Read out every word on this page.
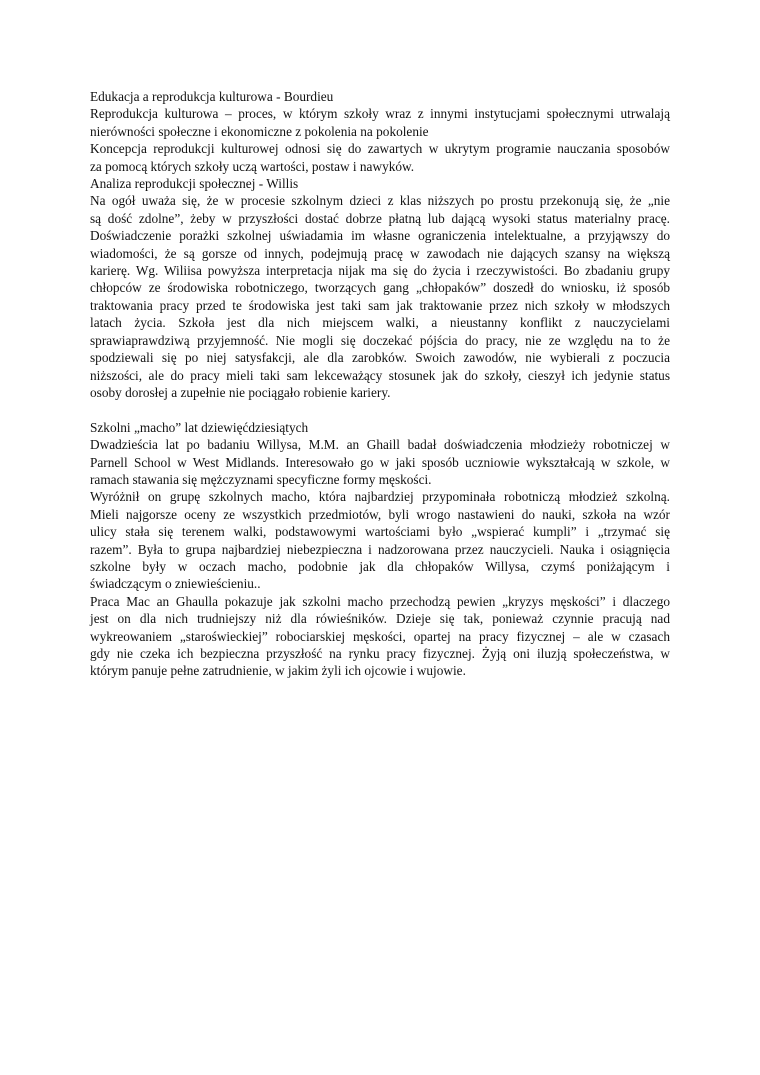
Edukacja a reprodukcja kulturowa - Bourdieu
Reprodukcja kulturowa – proces, w którym szkoły wraz z innymi instytucjami społecznymi utrwalają
nierówności społeczne i ekonomiczne z pokolenia na pokolenie
Koncepcja reprodukcji kulturowej odnosi się do zawartych w ukrytym programie nauczania sposobów
za pomocą których szkoły uczą wartości, postaw i nawyków.
Analiza reprodukcji społecznej - Willis
Na ogół uważa się, że w procesie szkolnym dzieci z klas niższych po prostu przekonują się, że „nie
są dość zdolne”, żeby w przyszłości dostać dobrze płatną lub dającą wysoki status materialny pracę.
Doświadczenie porażki szkolnej uświadamia im własne ograniczenia intelektualne, a przyjąwszy do
wiadomości, że są gorsze od innych, podejmują pracę w zawodach nie dających szansy na większą
karierę. Wg. Wiliisa powyższa interpretacja nijak ma się do życia i rzeczywistości. Bo zbadaniu grupy
chłopców ze środowiska robotniczego, tworzących gang „chłopaków” doszedł do wniosku, iż sposób
traktowania pracy przed te środowiska jest taki sam jak traktowanie przez nich szkoły w młodszych
latach życia. Szkoła jest dla nich miejscem walki, a nieustanny konflikt z nauczycielami
sprawiaprawdziwą przyjemność. Nie mogli się doczekać pójścia do pracy, nie ze względu na to że
spodziewali się po niej satysfakcji, ale dla zarobków. Swoich zawodów, nie wybierali z poczucia
niższości, ale do pracy mieli taki sam lekceważący stosunek jak do szkoły, cieszył ich jedynie status
osoby dorosłej a zupełnie nie pociągało robienie kariery.
Szkolni „macho” lat dziewięćdziesiątych
Dwadzieścia lat po badaniu Willysa, M.M. an Ghaill badał doświadczenia młodzieży robotniczej w
Parnell School w West Midlands. Interesowało go w jaki sposób uczniowie wykształcają w szkole, w
ramach stawania się mężczyznami specyficzne formy męskości.
Wyróżnił on grupę szkolnych macho, która najbardziej przypominała robotniczą młodzież szkolną.
Mieli najgorsze oceny ze wszystkich przedmiotów, byli wrogo nastawieni do nauki, szkoła na wzór
ulicy stała się terenem walki, podstawowymi wartościami było „wspierać kumpli” i „trzymać się
razem”. Była to grupa najbardziej niebezpieczna i nadzorowana przez nauczycieli. Nauka i osiągnięcia
szkolne były w oczach macho, podobnie jak dla chłopaków Willysa, czymś poniżającym i
świadczącym o zniewieścieniu..
Praca Mac an Ghaulla pokazuje jak szkolni macho przechodzą pewien „kryzys męskości” i dlaczego
jest on dla nich trudniejszy niż dla rówieśników. Dzieje się tak, ponieważ czynnie pracują nad
wykreowaniem „staroświeckiej” robociarskiej męskości, opartej na pracy fizycznej – ale w czasach
gdy nie czeka ich bezpieczna przyszłość na rynku pracy fizycznej. Żyją oni iluzją społeczeństwa, w
którym panuje pełne zatrudnienie, w jakim żyli ich ojcowie i wujowie.
